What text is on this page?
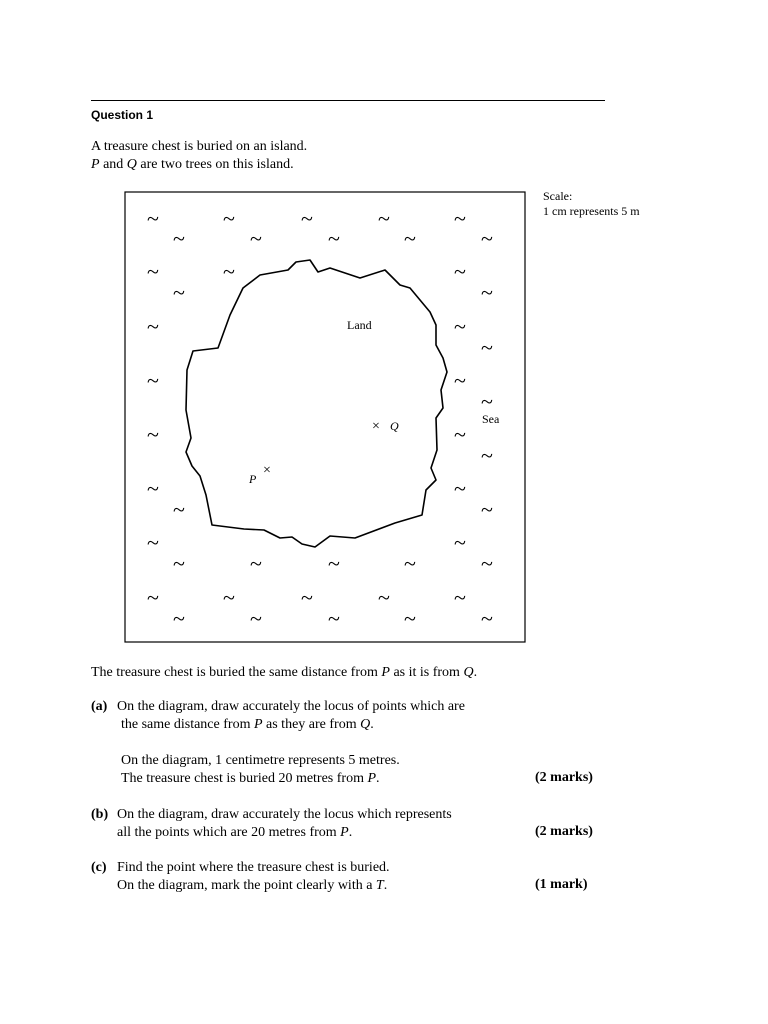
Question 1
A treasure chest is buried on an island.
P and Q are two trees on this island.
Scale:
1 cm represents 5 m
Land
Sea
× Q
P
×
~	~	~	~	~
~	~	~	~	~
~	~	~
~	~
~	~
~
~	~
~
~	~
~
~	~
~	~
~	~
~	~	~	~	~
~	~	~	~	~
~	~	~	~	~
The treasure chest is buried the same distance from P as it is from Q.
(a) On the diagram, draw accurately the locus of points which are
the same distance from P as they are from Q.
On the diagram, 1 centimetre represents 5 metres.
The treasure chest is buried 20 metres from P.	(2 marks)
(b) On the diagram, draw accurately the locus which represents
all the points which are 20 metres from P.	(2 marks)
(c) Find the point where the treasure chest is buried.
On the diagram, mark the point clearly with a T.	(1 mark)
